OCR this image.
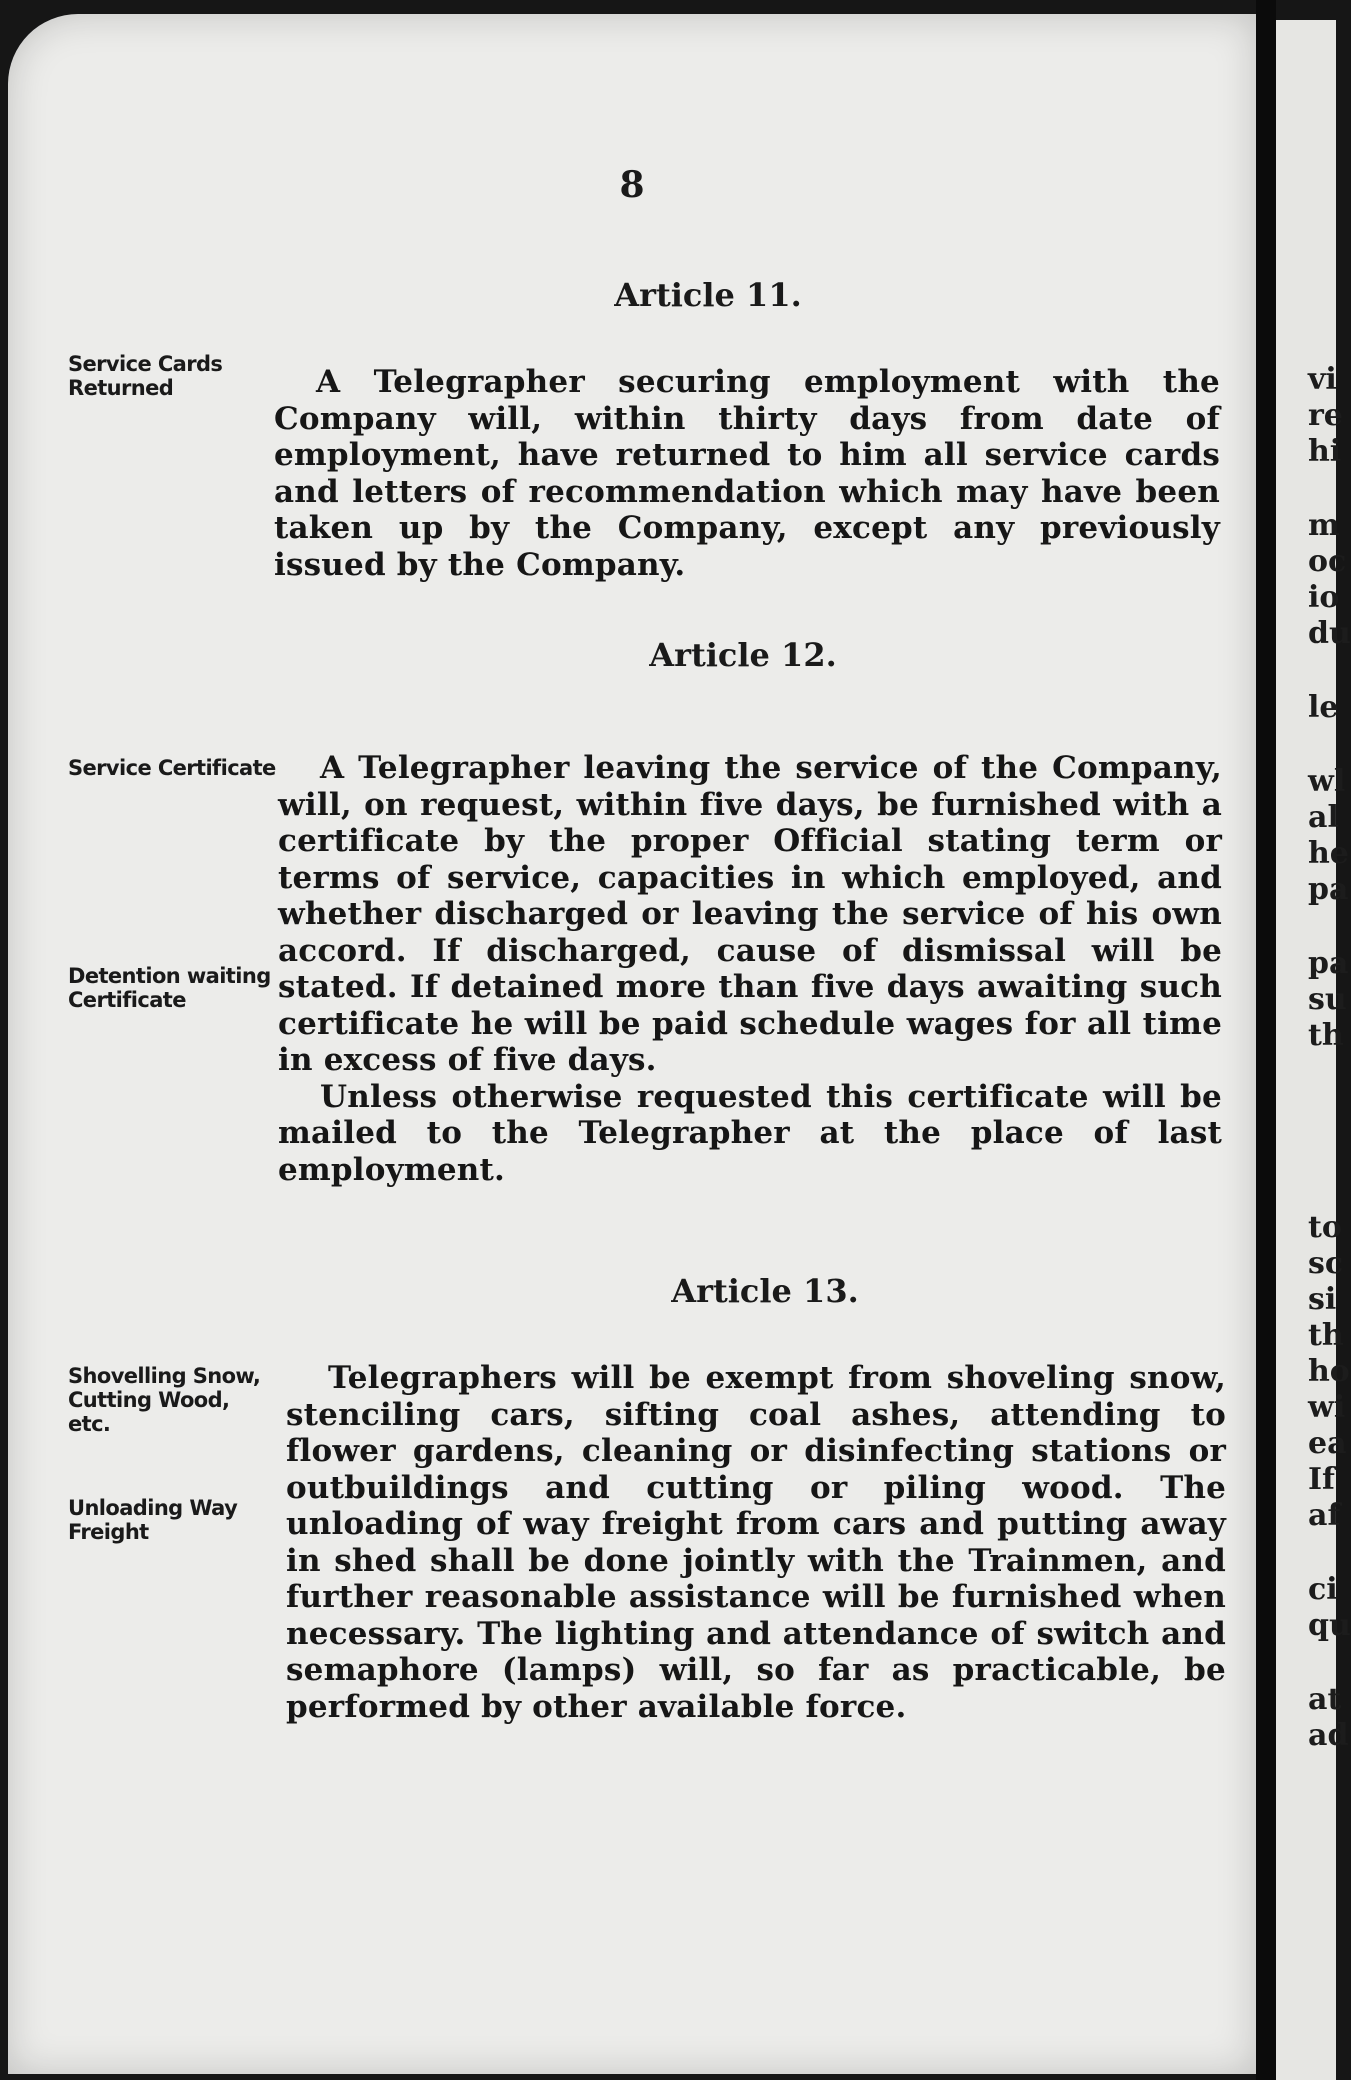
8
Article 11.

A Telegrapher securing employment with the Company will, within thirty days from date of employment, have returned to him all service cards and letters of recommendation which may have been taken up by the Company, except any previously issued by the Company.

Article 12.

A Telegrapher leaving the service of the Company, will, on request, within five days, be furnished with a certificate by the proper Official stating term or terms of service, capacities in which employed, and whether discharged or leaving the service of his own accord. If discharged, cause of dismissal will be stated. If detained more than five days awaiting such certificate he will be paid schedule wages for all time in excess of five days.

Unless otherwise requested this certificate will be mailed to the Telegrapher at the place of last employment.

Article 13.

Telegraphers will be exempt from shoveling snow, stenciling cars, sifting coal ashes, attending to flower gardens, cleaning or disinfecting stations or outbuildings and cutting or piling wood. The unloading of way freight from cars and putting away in shed shall be done jointly with the Trainmen, and further reasonable assistance will be furnished when necessary. The lighting and attendance of switch and semaphore (lamps) will, so far as practicable, be performed by other available force.

Service Cards Returned
Service Certificate
Detention waiting Certificate
Shovelling Snow, Cutting Wood, etc.
Unloading Way Freight
vi
re
hi
m
oc
io
du
le
wl
al
he
pa
pa
su
th
to
sc
si
th
ho
wi
ea
If
af
ci
qu
at
ad
